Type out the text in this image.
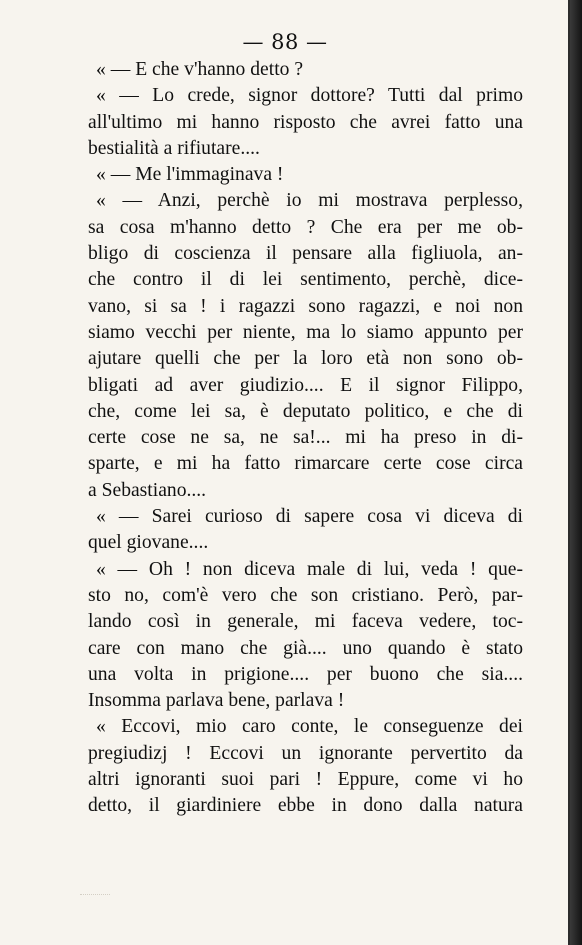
— 88 —
« — E che v'hanno detto ?
« — Lo crede, signor dottore? Tutti dal primo
all'ultimo mi hanno risposto che avrei fatto una
bestialità a rifiutare....
« — Me l'immaginava !
« — Anzi, perchè io mi mostrava perplesso,
sa cosa m'hanno detto ? Che era per me ob-
bligo di coscienza il pensare alla figliuola, an-
che contro il di lei sentimento, perchè, dice-
vano, si sa ! i ragazzi sono ragazzi, e noi non
siamo vecchi per niente, ma lo siamo appunto per
ajutare quelli che per la loro età non sono ob-
bligati ad aver giudizio.... E il signor Filippo,
che, come lei sa, è deputato politico, e che di
certe cose ne sa, ne sa!... mi ha preso in di-
sparte, e mi ha fatto rimarcare certe cose circa
a Sebastiano....
« — Sarei curioso di sapere cosa vi diceva di
quel giovane....
« — Oh ! non diceva male di lui, veda ! que-
sto no, com'è vero che son cristiano. Però, par-
lando così in generale, mi faceva vedere, toc-
care con mano che già.... uno quando è stato
una volta in prigione.... per buono che sia....
Insomma parlava bene, parlava !
« Eccovi, mio caro conte, le conseguenze dei
pregiudizj ! Eccovi un ignorante pervertito da
altri ignoranti suoi pari ! Eppure, come vi ho
detto, il giardiniere ebbe in dono dalla natura
